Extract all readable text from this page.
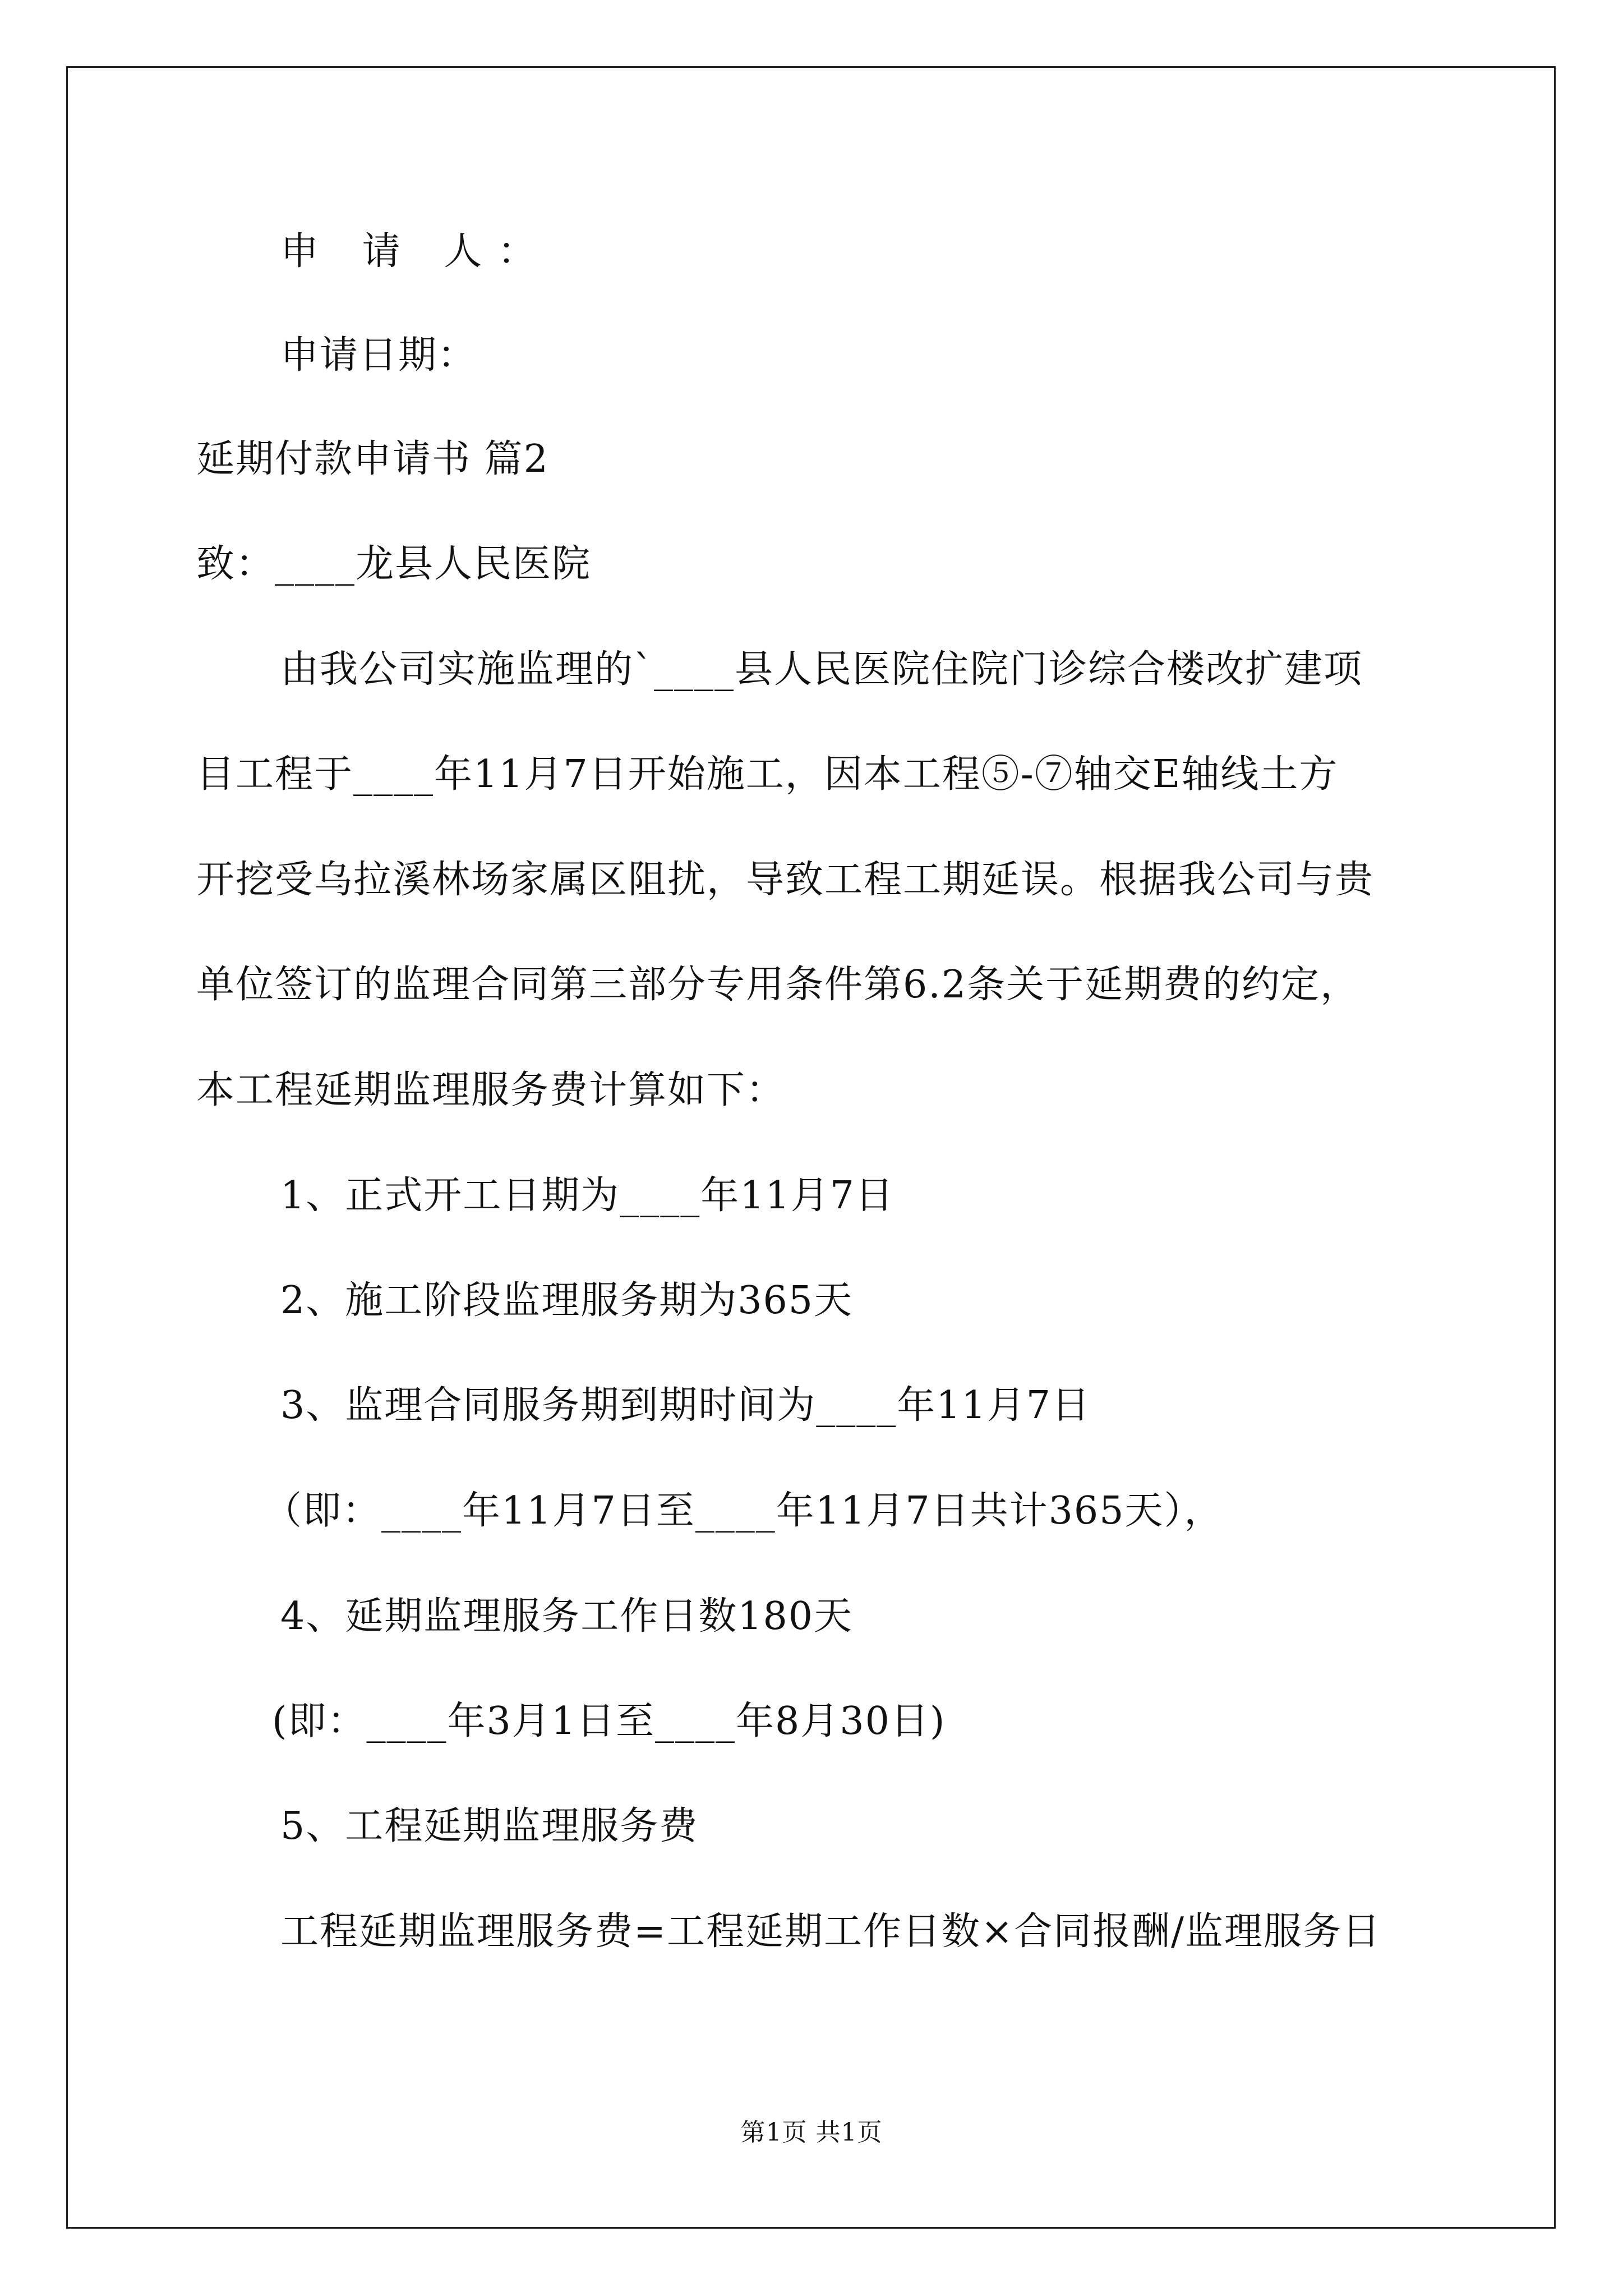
申 请 人：
申请日期：
延期付款申请书 篇2
致：____龙县人民医院
由我公司实施监理的`____县人民医院住院门诊综合楼改扩建项
目工程于____年11月7日开始施工，因本工程⑤-⑦轴交E轴线土方
开挖受乌拉溪林场家属区阻扰，导致工程工期延误。根据我公司与贵
单位签订的监理合同第三部分专用条件第6.2条关于延期费的约定，
本工程延期监理服务费计算如下：
1、正式开工日期为____年11月7日
2、施工阶段监理服务期为365天
3、监理合同服务期到期时间为____年11月7日
（即：____年11月7日至____年11月7日共计365天），
4、延期监理服务工作日数180天
(即：____年3月1日至____年8月30日)
5、工程延期监理服务费
工程延期监理服务费=工程延期工作日数×合同报酬/监理服务日
第1页 共1页
